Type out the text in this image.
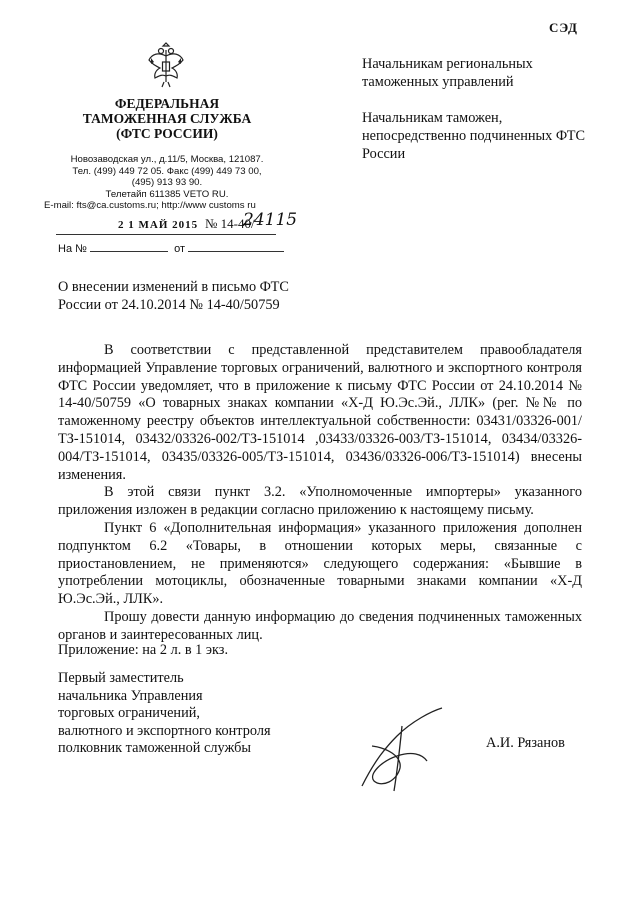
СЭД
ФЕДЕРАЛЬНАЯ
ТАМОЖЕННАЯ СЛУЖБА
(ФТС РОССИИ)
Новозаводская ул., д.11/5, Москва, 121087.
Тел. (499) 449 72 05. Факс (499) 449 73 00,
(495) 913 93 90.
Телетайп 611385 VETO RU.
E-mail: fts@ca.customs.ru; http://www customs ru
2 1 МАЙ 2015 № 14-40/
24115
На №	от

Начальникам региональных таможенных управлений

Начальникам таможен, непосредственно подчиненных ФТС России

О внесении изменений в письмо ФТС России от 24.10.2014 № 14-40/50759

В соответствии с представленной представителем правообладателя информацией Управление торговых ограничений, валютного и экспортного контроля ФТС России уведомляет, что в приложение к письму ФТС России от 24.10.2014 № 14-40/50759 «О товарных знаках компании «Х-Д Ю.Эс.Эй., ЛЛК» (рег. №№ по таможенному реестру объектов интеллектуальной собственности: 03431/03326-001/ТЗ-151014, 03432/03326-002/ТЗ-151014 ,03433/03326-003/ТЗ-151014, 03434/03326-004/ТЗ-151014, 03435/03326-005/ТЗ-151014, 03436/03326-006/ТЗ-151014) внесены изменения.

В этой связи пункт 3.2. «Уполномоченные импортеры» указанного приложения изложен в редакции согласно приложению к настоящему письму.

Пункт 6 «Дополнительная информация» указанного приложения дополнен подпунктом 6.2 «Товары, в отношении которых меры, связанные с приостановлением, не применяются» следующего содержания: «Бывшие в употреблении мотоциклы, обозначенные товарными знаками компании «Х-Д Ю.Эс.Эй., ЛЛК».

Прошу довести данную информацию до сведения подчиненных таможенных органов и заинтересованных лиц.

Приложение: на 2 л. в 1 экз.
Первый заместитель
начальника Управления
торговых ограничений,
валютного и экспортного контроля
полковник таможенной службы	А.И. Рязанов
